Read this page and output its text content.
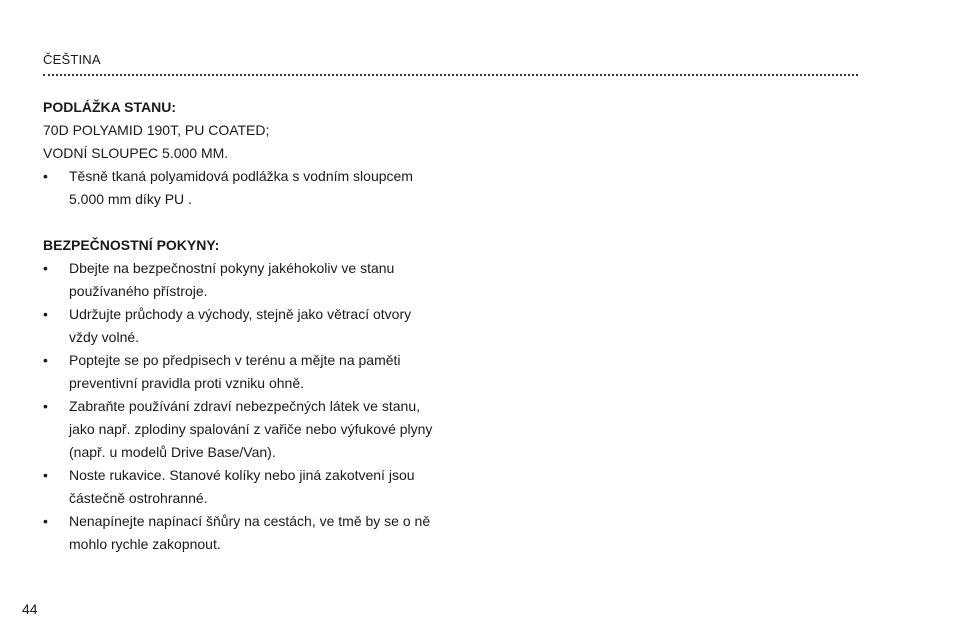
ČEŠTINA

PODLÁŽKA STANU:

70D POLYAMID 190T, PU COATED;

VODNÍ SLOUPEC 5.000 MM.

• Těsně tkaná polyamidová podlážka s vodním sloupcem 5.000 mm díky PU .

BEZPEČNOSTNÍ POKYNY:

• Dbejte na bezpečnostní pokyny jakéhokoliv ve stanu používaného přístroje.
• Udržujte průchody a východy, stejně jako větrací otvory vždy volné.
• Poptejte se po předpisech v terénu a mějte na paměti preventivní pravidla proti vzniku ohně.
• Zabraňte používání zdraví nebezpečných látek ve stanu, jako např. zplodiny spalování z vařiče nebo výfukové plyny (např. u modelů Drive Base/Van).
• Noste rukavice. Stanové kolíky nebo jiná zakotvení jsou částečně ostrohranné.
• Nenapínejte napínací šňůry na cestách, ve tmě by se o ně mohlo rychle zakopnout.
44
